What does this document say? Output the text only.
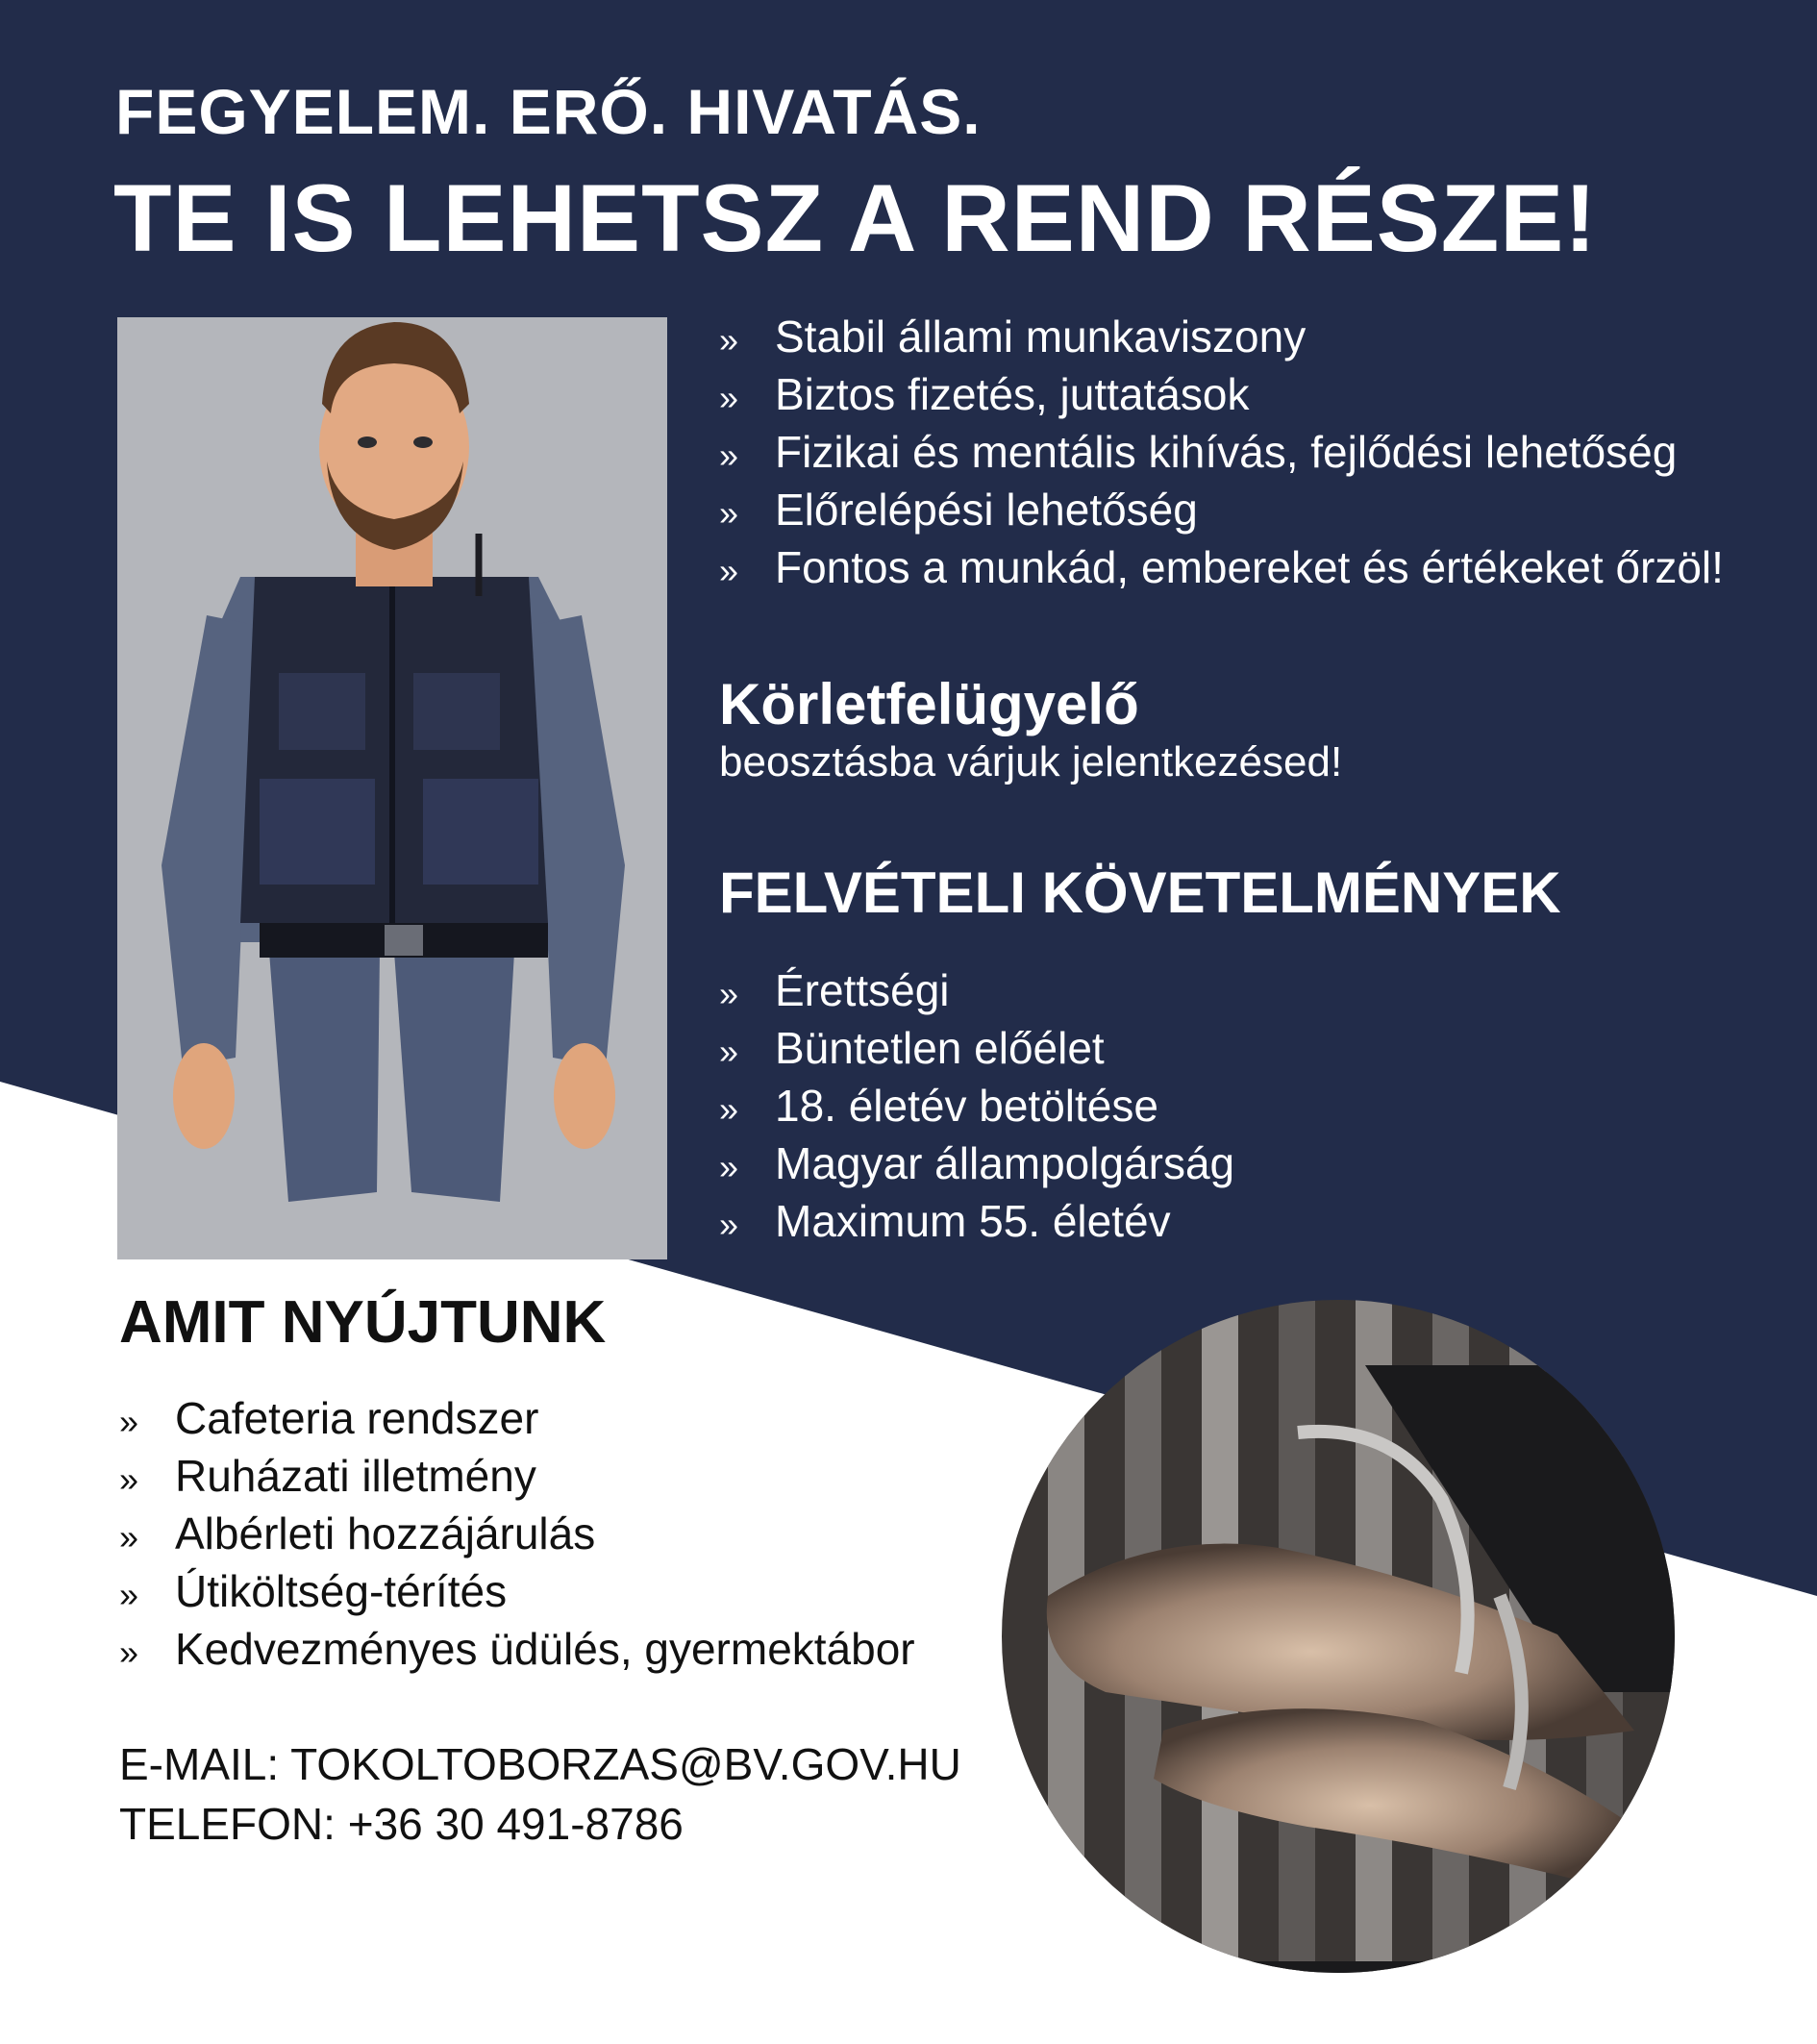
FEGYELEM. ERŐ. HIVATÁS.
TE IS LEHETSZ A REND RÉSZE!
» Stabil állami munkaviszony
» Biztos fizetés, juttatások
» Fizikai és mentális kihívás, fejlődési lehetőség
» Előrelépési lehetőség
» Fontos a munkád, embereket és értékeket őrzöl!
Körletfelügyelő
beosztásba várjuk jelentkezésed!
FELVÉTELI KÖVETELMÉNYEK
» Érettségi
» Büntetlen előélet
» 18. életév betöltése
» Magyar állampolgárság
» Maximum 55. életév
AMIT NYÚJTUNK
» Cafeteria rendszer
» Ruházati illetmény
» Albérleti hozzájárulás
» Útiköltség-térítés
» Kedvezményes üdülés, gyermektábor
E-MAIL: TOKOLTOBORZAS@BV.GOV.HU
TELEFON: +36 30 491-8786
